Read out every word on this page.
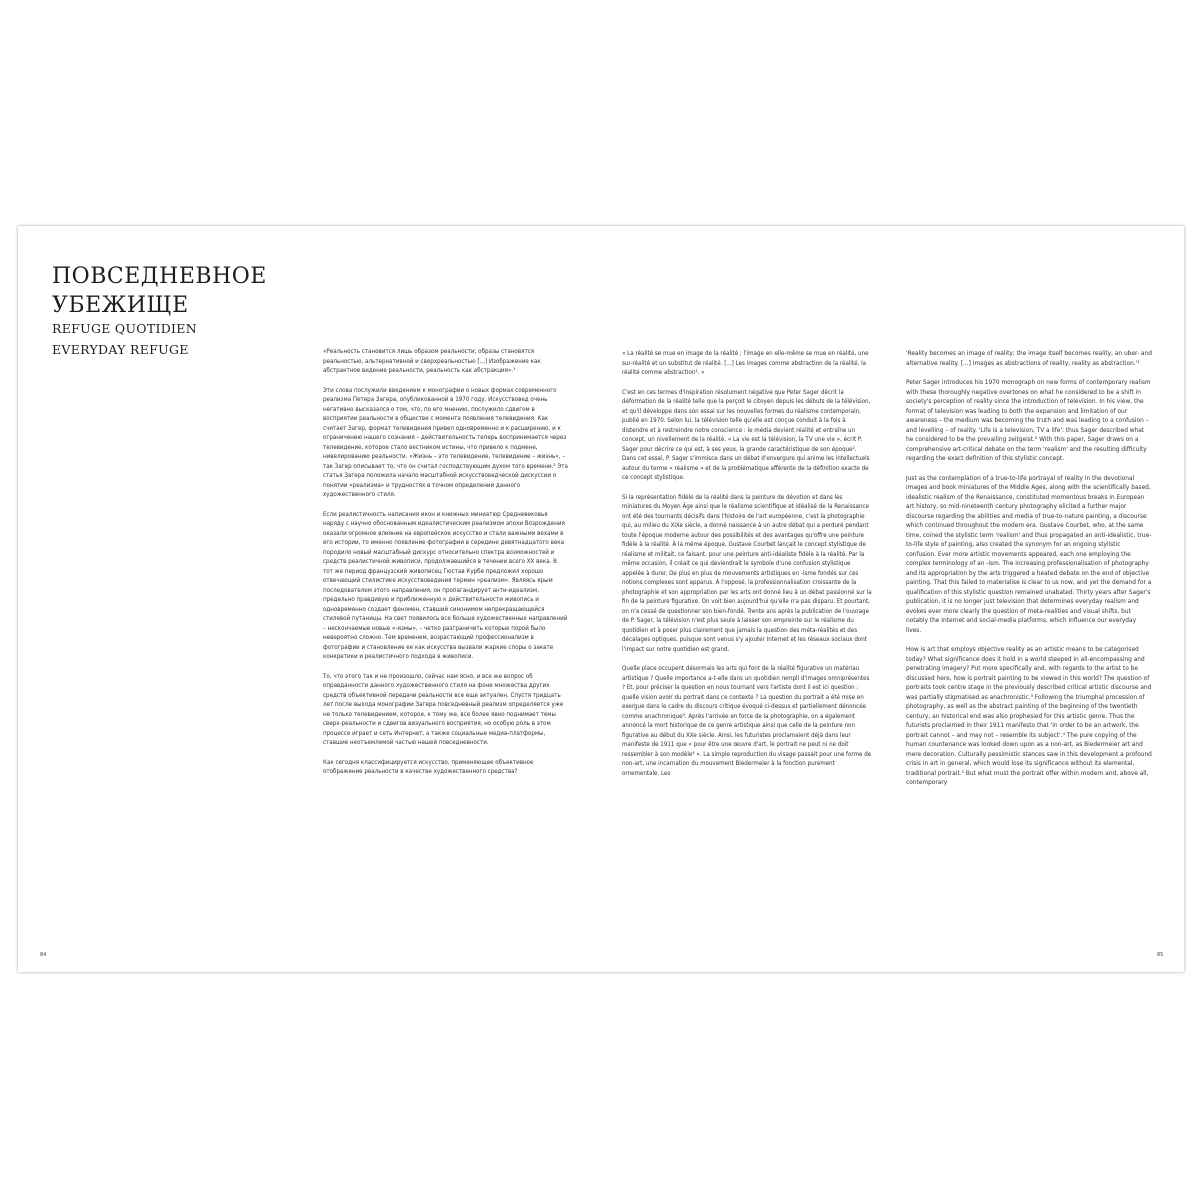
ПОВСЕДНЕВНОЕ
УБЕЖИЩЕ
REFUGE QUOTIDIEN
EVERYDAY REFUGE	«Реальность становится лишь образом реальности; образы становятся реальностью, альтернативной и сверхреальностью [...] Изображение как абстрактное видение реальности, реальность как абстракция».¹

Эти слова послужили введением к монографии о новых формах современного реализма Петера Загера, опубликованной в 1970 году. Искусствовед очень негативно высказался о том, что, по его мнению, послужило сдвигом в восприятии реальности в обществе с момента появления телевидения. Как считает Загер, формат телевидения привел одновременно и к расширению, и к ограничению нашего сознания – действительность теперь воспринимается через телевидение, которое стало вестником истины, что привело к подмене, нивелированию реальности. «Жизнь – это телевидение, телевидение – жизнь», – так Загер описывает то, что он считал господствующим духом того времени.² Эта статья Загера положила начало масштабной искусствоведческой дискуссии о понятии «реализма» и трудностях в точном определении данного художественного стиля.

Если реалистичность написания икон и книжных миниатюр Средневековья наряду с научно обоснованным идеалистическим реализмом эпохи Возрождения оказали огромное влияние на европейское искусство и стали важными вехами в его истории, то именно появление фотографии в середине девятнадцатого века породило новый масштабный дискурс относительно спектра возможностей и средств реалистичной живописи, продолжавшийся в течении всего XX века. В тот же период французский живописец Гюстав Курбе предложил хорошо отвечающий стилистике искусствоведения термин «реализм». Являясь ярым последователем этого направления, он пропагандирует анти-идеализм, предельно правдивую и приближенную к действительности живопись и одновременно создает феномен, ставший синонимом непрекращающейся стилевой путаницы. На свет появилось все больше художественных направлений – нескончаемые новые «-измы», – четко разграничить которые порой было невероятно сложно. Тем временем, возрастающий профессионализм в фотографии и становление ее как искусства вызвали жаркие споры о закате конкретики и реалистичного подхода в живописи.

То, что этого так и не произошло, сейчас нам ясно, и все же вопрос об оправданности данного художественного стиля на фоне множества других средств объективной передачи реальности все еще актуален. Спустя тридцать лет после выхода монографии Загера повседневный реализм определяется уже не только телевидением, которое, к тому же, все более явно поднимает темы сверх-реальности и сдвигов визуального восприятия, но особую роль в этом процессе играет и сеть Интернет, а также социальные медиа-платформы, ставшие неотъемлемой частью нашей повседневности.

Как сегодня классифицируется искусство, применяющее объективное отображение реальности в качестве художественного средства?

« La réalité se mue en image de la réalité ; l'image en elle-même se mue en réalité, une sur-réalité et un substitut de réalité. [...] Les images comme abstraction de la réalité, la réalité comme abstraction¹. »

C'est en ces termes d'inspiration résolument négative que Peter Sager décrit la déformation de la réalité telle que la perçoit le citoyen depuis les débuts de la télévision, et qu'il développe dans son essai sur les nouvelles formes du réalisme contemporain, publié en 1970. Selon lui, la télévision telle qu'elle est conçue conduit à la fois à distendre et à restreindre notre conscience : le média devient réalité et entraîne un concept, un nivellement de la réalité. « La vie est la télévision, la TV une vie », écrit P. Sager pour décrire ce qui est, à ses yeux, la grande caractéristique de son époque². Dans cet essai, P. Sager s'immisce dans un débat d'envergure qui anime les intellectuels autour du terme « réalisme » et de la problématique afférente de la définition exacte de ce concept stylistique.

Si la représentation fidèle de la réalité dans la peinture de dévotion et dans les miniatures du Moyen Âge ainsi que le réalisme scientifique et idéalisé de la Renaissance ont été des tournants décisifs dans l'histoire de l'art européenne, c'est la photographie qui, au milieu du XIXe siècle, a donné naissance à un autre débat qui a perduré pendant toute l'époque moderne autour des possibilités et des avantages qu'offre une peinture fidèle à la réalité. À la même époque, Gustave Courbet lançait le concept stylistique de réalisme et militait, ce faisant, pour une peinture anti-idéaliste fidèle à la réalité. Par la même occasion, il créait ce qui deviendrait le symbole d'une confusion stylistique appelée à durer. De plus en plus de mouvements artistiques en -isme fondés sur ces notions complexes sont apparus. À l'opposé, la professionnalisation croissante de la photographie et son appropriation par les arts ont donné lieu à un débat passionné sur la fin de la peinture figurative. On voit bien aujourd'hui qu'elle n'a pas disparu. Et pourtant, on n'a cessé de questionner son bien-fondé. Trente ans après la publication de l'ouvrage de P. Sager, la télévision n'est plus seule à laisser son empreinte sur le réalisme du quotidien et à poser plus clairement que jamais la question des méta-réalités et des décalages optiques, puisque sont venus s'y ajouter Internet et les réseaux sociaux dont l'impact sur notre quotidien est grand.

Quelle place occupent désormais les arts qui font de la réalité figurative un matériau artistique ? Quelle importance a-t-elle dans un quotidien rempli d'images omniprésentes ? Et, pour préciser la question en nous tournant vers l'artiste dont il est ici question : quelle vision avoir du portrait dans ce contexte ? La question du portrait a été mise en exergue dans le cadre du discours critique évoqué ci-dessus et partiellement dénoncée comme anachronique³. Après l'arrivée en force de la photographie, on a également annoncé la mort historique de ce genre artistique ainsi que celle de la peinture non figurative au début du XXe siècle. Ainsi, les futuristes proclamaient déjà dans leur manifeste de 1911 que « pour être une œuvre d'art, le portrait ne peut ni ne doit ressembler à son modèle⁴ ». La simple reproduction du visage passait pour une forme de non-art, une incarnation du mouvement Biedermeier à la fonction purement ornementale. Les

'Reality becomes an image of reality; the image itself becomes reality, an uber- and alternative reality. [...] Images as abstractions of reality, reality as abstraction.'¹

Peter Sager introduces his 1970 monograph on new forms of contemporary realism with these thoroughly negative overtones on what he considered to be a shift in society's perception of reality since the introduction of television. In his view, the format of television was leading to both the expansion and limitation of our awareness – the medium was becoming the truth and was leading to a confusion – and levelling – of reality. 'Life is a television, TV a life': thus Sager described what he considered to be the prevailing zeitgeist.² With this paper, Sager draws on a comprehensive art-critical debate on the term 'realism' and the resulting difficulty regarding the exact definition of this stylistic concept.

Just as the contemplation of a true-to-life portrayal of reality in the devotional images and book miniatures of the Middle Ages, along with the scientifically based, idealistic realism of the Renaissance, constituted momentous breaks in European art history, so mid-nineteenth century photography elicited a further major discourse regarding the abilities and media of true-to-nature painting, a discourse which continued throughout the modern era. Gustave Courbet, who, at the same time, coined the stylistic term 'realism' and thus propagated an anti-idealistic, true-to-life style of painting, also created the synonym for an ongoing stylistic confusion. Ever more artistic movements appeared, each one employing the complex terminology of an -ism. The increasing professionalisation of photography and its appropriation by the arts triggered a heated debate on the end of objective painting. That this failed to materialise is clear to us now, and yet the demand for a qualification of this stylistic question remained unabated. Thirty years after Sager's publication, it is no longer just television that determines everyday realism and evokes ever more clearly the question of meta-realities and visual shifts, but notably the Internet and social-media platforms, which influence our everyday lives.

How is art that employs objective reality as an artistic means to be categorised today? What significance does it hold in a world steeped in all-encompassing and penetrating imagery? Put more specifically and, with regards to the artist to be discussed here, how is portrait painting to be viewed in this world? The question of portraits took centre stage in the previously described critical artistic discourse and was partially stigmatised as anachronistic.³ Following the triumphal procession of photography, as well as the abstract painting of the beginning of the twentieth century, an historical end was also prophesied for this artistic genre. Thus the futurists proclaimed in their 1911 manifesto that 'in order to be an artwork, the portrait cannot – and may not – resemble its subject'.⁴ The pure copying of the human countenance was looked down upon as a non-art, as Biedermeier art and mere decoration. Culturally pessimistic stances saw in this development a profound crisis in art in general, which would lose its significance without its elemental, traditional portrait.⁵ But what must the portrait offer within modern and, above all, contemporary

84	85
